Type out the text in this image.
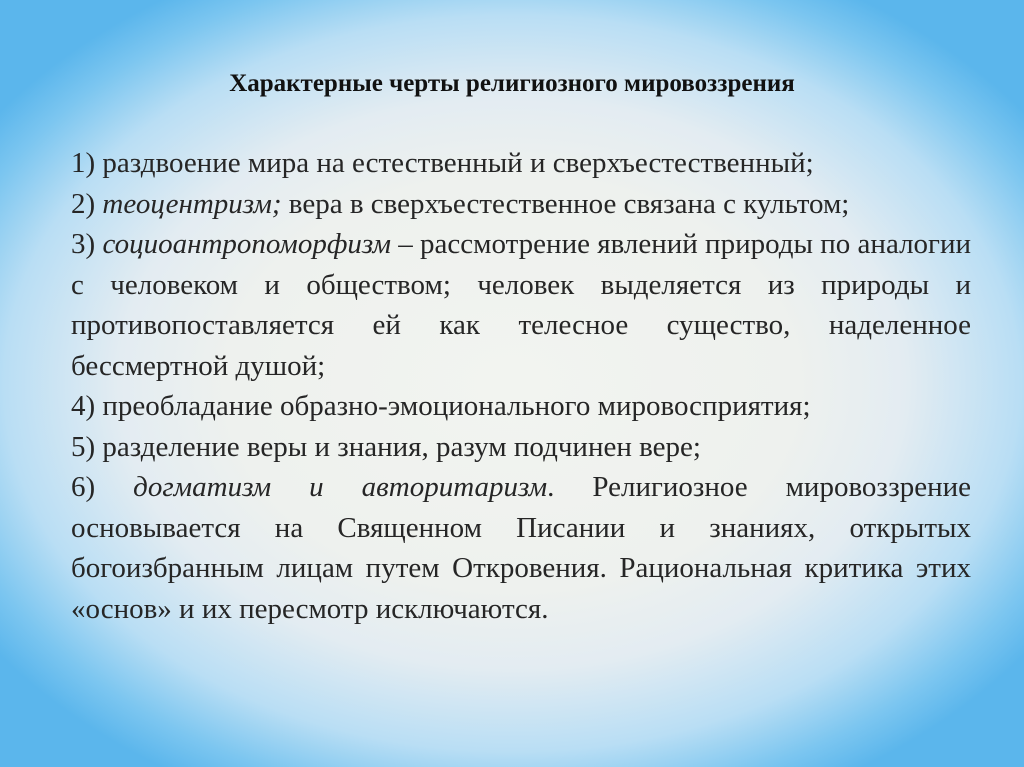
Характерные черты религиозного мировоззрения

1) раздвоение мира на естественный и сверхъестественный;

2) теоцентризм; вера в сверхъестественное связана с культом;

3) социоантропоморфизм – рассмотрение явлений природы по аналогии с человеком и обществом; человек выделяется из природы и противопоставляется ей как телесное существо, наделенное бессмертной душой;

4) преобладание образно-эмоционального мировосприятия;

5) разделение веры и знания, разум подчинен вере;

6) догматизм и авторитаризм. Религиозное мировоззрение основывается на Священном Писании и знаниях, открытых богоизбранным лицам путем Откровения. Рациональная критика этих «основ» и их пересмотр исключаются.
